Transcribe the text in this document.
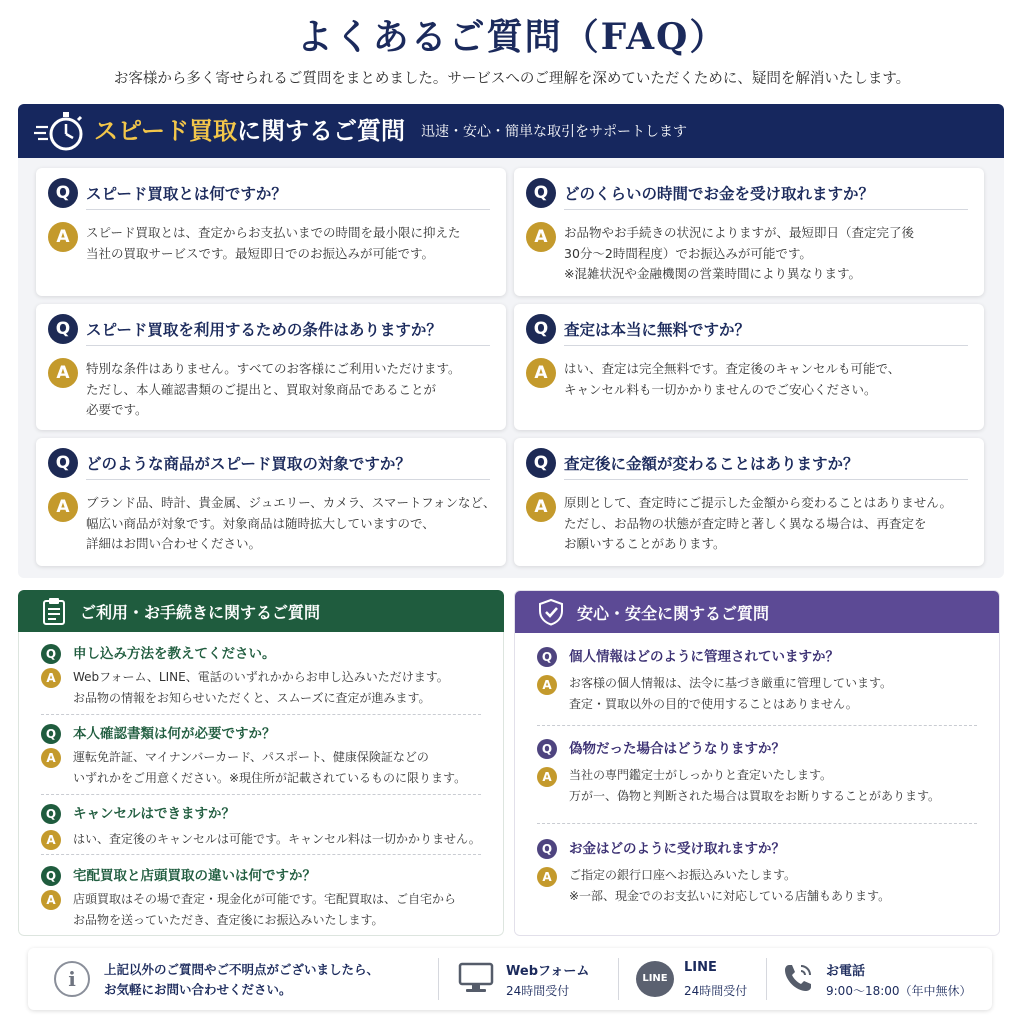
よくあるご質問（FAQ）

お客様から多く寄せられるご質問をまとめました。サービスへのご理解を深めていただくために、疑問を解消いたします。

スピード買取に関するご質問 迅速・安心・簡単な取引をサポートします
Q	スピード買取とは何ですか？
A	スピード買取とは、査定からお支払いまでの時間を最小限に抑えた
当社の買取サービスです。最短即日でのお振込みが可能です。
Q	どのくらいの時間でお金を受け取れますか？
A	お品物やお手続きの状況によりますが、最短即日（査定完了後
30分〜2時間程度）でお振込みが可能です。
※混雑状況や金融機関の営業時間により異なります。
Q	スピード買取を利用するための条件はありますか？
A	特別な条件はありません。すべてのお客様にご利用いただけます。
ただし、本人確認書類のご提出と、買取対象商品であることが
必要です。
Q	査定は本当に無料ですか？
A	はい、査定は完全無料です。査定後のキャンセルも可能で、
キャンセル料も一切かかりませんのでご安心ください。
Q	どのような商品がスピード買取の対象ですか？
A	ブランド品、時計、貴金属、ジュエリー、カメラ、スマートフォンなど、
幅広い商品が対象です。対象商品は随時拡大していますので、
詳細はお問い合わせください。
Q	査定後に金額が変わることはありますか？
A	原則として、査定時にご提示した金額から変わることはありません。
ただし、お品物の状態が査定時と著しく異なる場合は、再査定を
お願いすることがあります。
ご利用・お手続きに関するご質問
Q	申し込み方法を教えてください。
A	Webフォーム、LINE、電話のいずれかからお申し込みいただけます。
お品物の情報をお知らせいただくと、スムーズに査定が進みます。
Q	本人確認書類は何が必要ですか？
A	運転免許証、マイナンバーカード、パスポート、健康保険証などの
いずれかをご用意ください。※現住所が記載されているものに限ります。
Q	キャンセルはできますか？
A	はい、査定後のキャンセルは可能です。キャンセル料は一切かかりません。
Q	宅配買取と店頭買取の違いは何ですか？
A	店頭買取はその場で査定・現金化が可能です。宅配買取は、ご自宅から
お品物を送っていただき、査定後にお振込みいたします。
安心・安全に関するご質問
Q	個人情報はどのように管理されていますか？
A	お客様の個人情報は、法令に基づき厳重に管理しています。
査定・買取以外の目的で使用することはありません。
Q	偽物だった場合はどうなりますか？
A	当社の専門鑑定士がしっかりと査定いたします。
万が一、偽物と判断された場合は買取をお断りすることがあります。
Q	お金はどのように受け取れますか？
A	ご指定の銀行口座へお振込みいたします。
※一部、現金でのお支払いに対応している店舗もあります。
i	上記以外のご質問やご不明点がございましたら、
お気軽にお問い合わせください。
Webフォーム
24時間受付
LINE
LINE
24時間受付
お電話
9:00〜18:00（年中無休）
